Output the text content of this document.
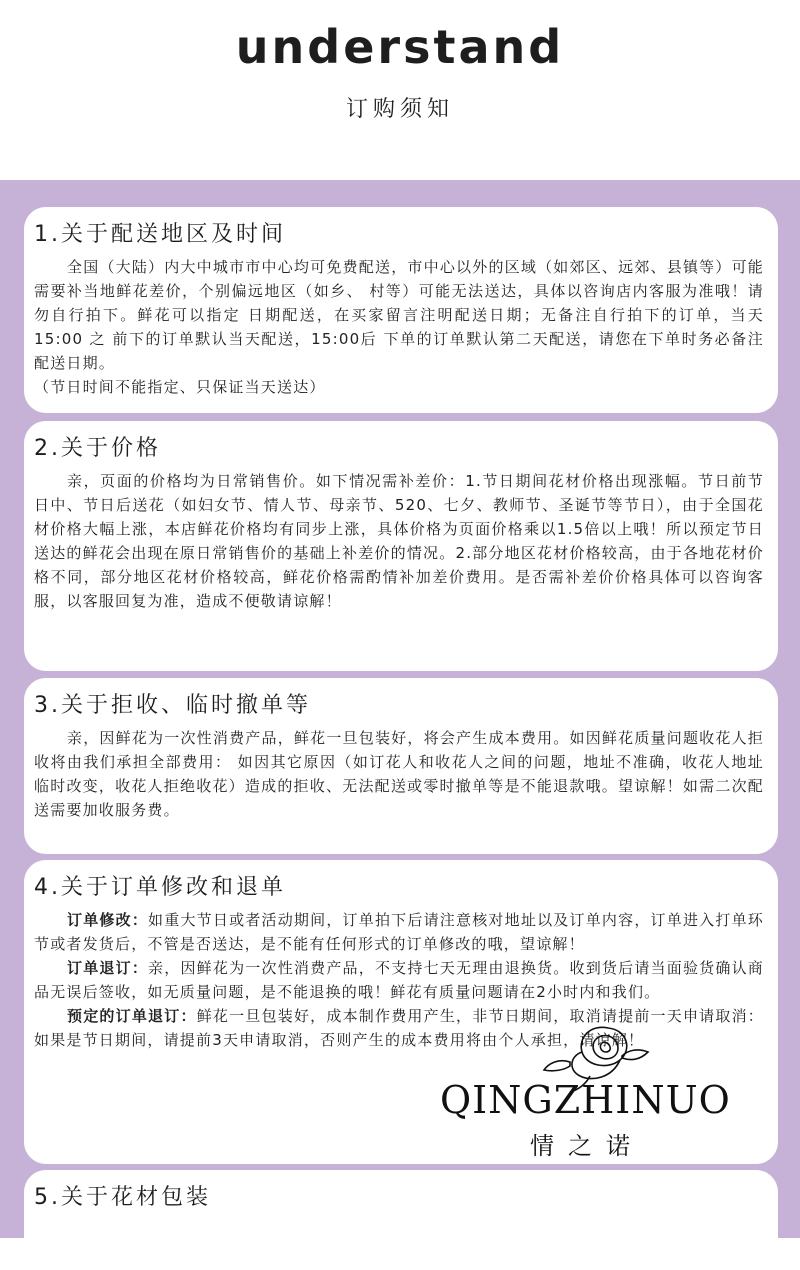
understand
订购须知
1.关于配送地区及时间

全国（大陆）内大中城市市中心均可免费配送，市中心以外的区域（如郊区、远郊、县镇等）可能需要补当地鲜花差价，个别偏远地区（如乡、 村等）可能无法送达，具体以咨询店内客服为准哦！请勿自行拍下。鲜花可以指定 日期配送，在买家留言注明配送日期；无备注自行拍下的订单，当天15:00 之 前下的订单默认当天配送，15:00后 下单的订单默认第二天配送，请您在下单时务必备注配送日期。

（节日时间不能指定、只保证当天送达）

2.关于价格

亲，页面的价格均为日常销售价。如下情况需补差价：1.节日期间花材价格出现涨幅。节日前节日中、节日后送花（如妇女节、情人节、母亲节、520、七夕、教师节、圣诞节等节日），由于全国花材价格大幅上涨，本店鲜花价格均有同步上涨，具体价格为页面价格乘以1.5倍以上哦！所以预定节日送达的鲜花会出现在原日常销售价的基础上补差价的情况。2.部分地区花材价格较高，由于各地花材价格不同，部分地区花材价格较高，鲜花价格需酌情补加差价费用。是否需补差价价格具体可以咨询客服，以客服回复为准，造成不便敬请谅解！

3.关于拒收、临时撤单等

亲，因鲜花为一次性消费产品，鲜花一旦包装好，将会产生成本费用。如因鲜花质量问题收花人拒收将由我们承担全部费用： 如因其它原因（如订花人和收花人之间的问题，地址不准确，收花人地址临时改变，收花人拒绝收花）造成的拒收、无法配送或零时撤单等是不能退款哦。望谅解！如需二次配送需要加收服务费。

4.关于订单修改和退单

订单修改：如重大节日或者活动期间，订单拍下后请注意核对地址以及订单内容，订单进入打单环节或者发货后，不管是否送达，是不能有任何形式的订单修改的哦，望谅解！

订单退订：亲，因鲜花为一次性消费产品，不支持七天无理由退换货。收到货后请当面验货确认商品无误后签收，如无质量问题，是不能退换的哦！鲜花有质量问题请在2小时内和我们。

预定的订单退订：鲜花一旦包装好，成本制作费用产生，非节日期间，取消请提前一天申请取消： 如果是节日期间，请提前3天申请取消，否则产生的成本费用将由个人承担，请谅解！

5.关于花材包装
QINGZHINUO
情之诺
